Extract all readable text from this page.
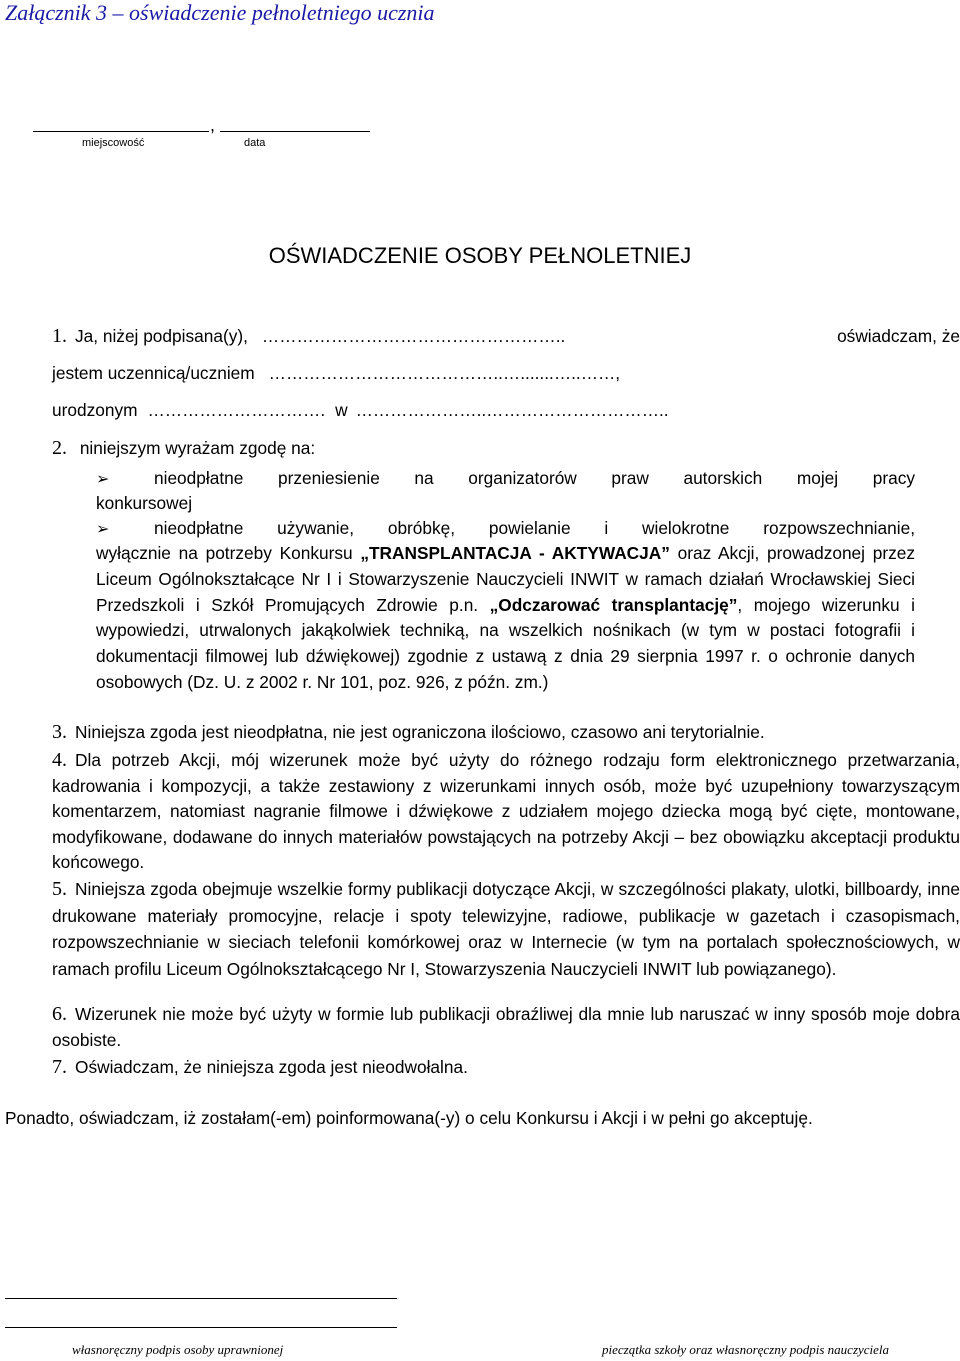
Załącznik 3 – oświadczenie pełnoletniego ucznia
,
miejscowość	data
OŚWIADCZENIE OSOBY PEŁNOLETNIEJ
1. Ja, niżej podpisana(y), ……………………………………………..	oświadczam, że
jestem uczennicą/uczniem …………………………………..….......…..……,
urodzonym …………………………. w …………………..…………………………..
2. niniejszym wyrażam zgodę na:
➢	nieodpłatne przeniesienie na organizatorów praw autorskich mojej pracy
konkursowej
➢	nieodpłatne używanie, obróbkę, powielanie i wielokrotne rozpowszechnianie,
wyłącznie na potrzeby Konkursu „TRANSPLANTACJA - AKTYWACJA” oraz Akcji, prowadzonej przez Liceum Ogólnokształcące Nr I i Stowarzyszenie Nauczycieli INWIT w ramach działań Wrocławskiej Sieci Przedszkoli i Szkół Promujących Zdrowie p.n. „Odczarować transplantację”, mojego wizerunku i wypowiedzi, utrwalonych jakąkolwiek techniką, na wszelkich nośnikach (w tym w postaci fotografii i dokumentacji filmowej lub dźwiękowej) zgodnie z ustawą z dnia 29 sierpnia 1997 r. o ochronie danych osobowych (Dz. U. z 2002 r. Nr 101, poz. 926, z późn. zm.)
3. Niniejsza zgoda jest nieodpłatna, nie jest ograniczona ilościowo, czasowo ani terytorialnie.
4. Dla potrzeb Akcji, mój wizerunek może być użyty do różnego rodzaju form elektronicznego przetwarzania, kadrowania i kompozycji, a także zestawiony z wizerunkami innych osób, może być uzupełniony towarzyszącym komentarzem, natomiast nagranie filmowe i dźwiękowe z udziałem mojego dziecka mogą być cięte, montowane, modyfikowane, dodawane do innych materiałów powstających na potrzeby Akcji – bez obowiązku akceptacji produktu końcowego.
5. Niniejsza zgoda obejmuje wszelkie formy publikacji dotyczące Akcji, w szczególności plakaty, ulotki, billboardy, inne drukowane materiały promocyjne, relacje i spoty telewizyjne, radiowe, publikacje w gazetach i czasopismach, rozpowszechnianie w sieciach telefonii komórkowej oraz w Internecie (w tym na portalach społecznościowych, w ramach profilu Liceum Ogólnokształcącego Nr I, Stowarzyszenia Nauczycieli INWIT lub powiązanego).
6. Wizerunek nie może być użyty w formie lub publikacji obraźliwej dla mnie lub naruszać w inny sposób moje dobra osobiste.
7. Oświadczam, że niniejsza zgoda jest nieodwołalna.
Ponadto, oświadczam, iż zostałam(-em) poinformowana(-y) o celu Konkursu i Akcji i w pełni go akceptuję.
własnoręczny podpis osoby uprawnionej	pieczątka szkoły oraz własnoręczny podpis nauczyciela
